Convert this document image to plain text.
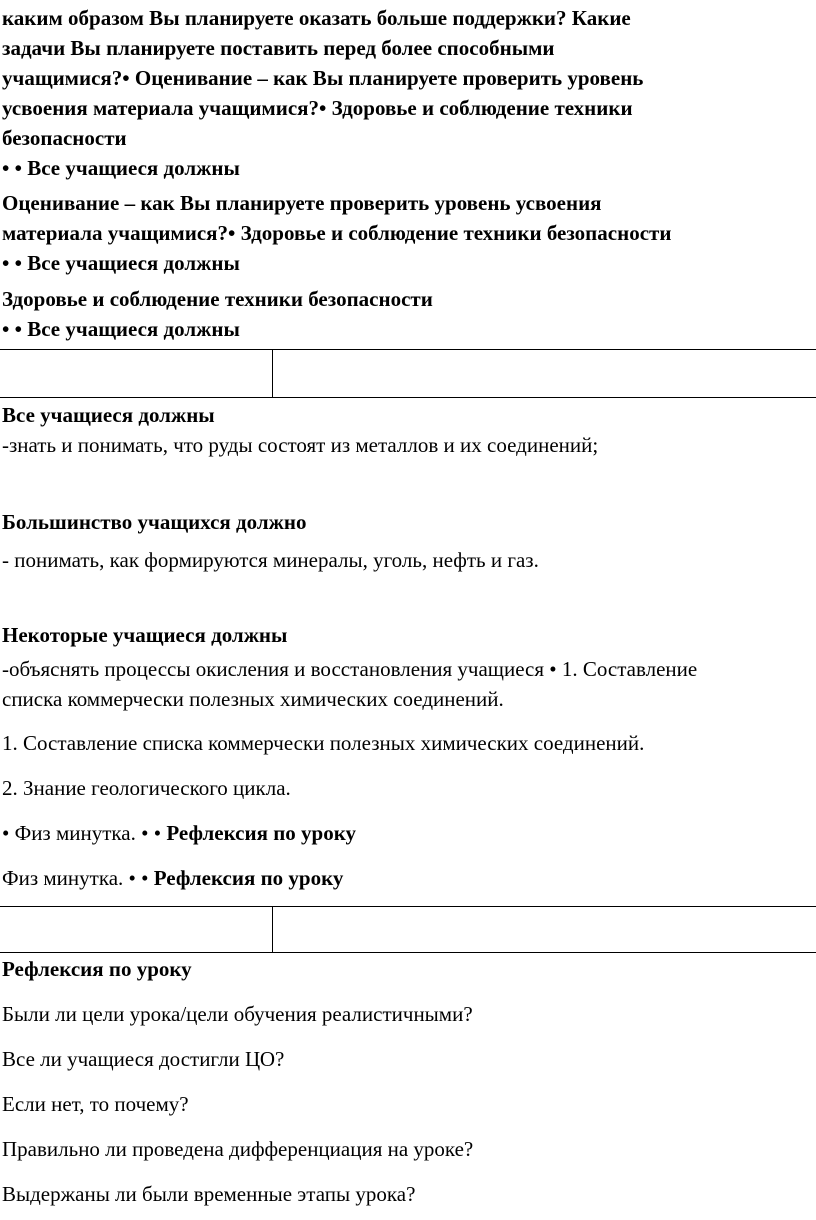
каким образом Вы планируете оказать больше поддержки? Какие
задачи Вы планируете поставить перед более способными
учащимися?• Оценивание – как Вы планируете проверить уровень
усвоения материала учащимися?• Здоровье и соблюдение техники
безопасности
• • Все учащиеся должны
Оценивание – как Вы планируете проверить уровень усвоения
материала учащимися?• Здоровье и соблюдение техники безопасности
• • Все учащиеся должны
Здоровье и соблюдение техники безопасности
• • Все учащиеся должны
Все учащиеся должны
-знать и понимать, что руды состоят из металлов и их соединений;
Большинство учащихся должно
- понимать, как формируются минералы, уголь, нефть и газ.
Некоторые учащиеся должны
-объяснять процессы окисления и восстановления учащиеся • 1. Составление
списка коммерчески полезных химических соединений.
1. Составление списка коммерчески полезных химических соединений.
2. Знание геологического цикла.
• Физ минутка. • • Рефлексия по уроку
Физ минутка. • • Рефлексия по уроку
Рефлексия по уроку
Были ли цели урока/цели обучения реалистичными?
Все ли учащиеся достигли ЦО?
Если нет, то почему?
Правильно ли проведена дифференциация на уроке?
Выдержаны ли были временные этапы урока?
